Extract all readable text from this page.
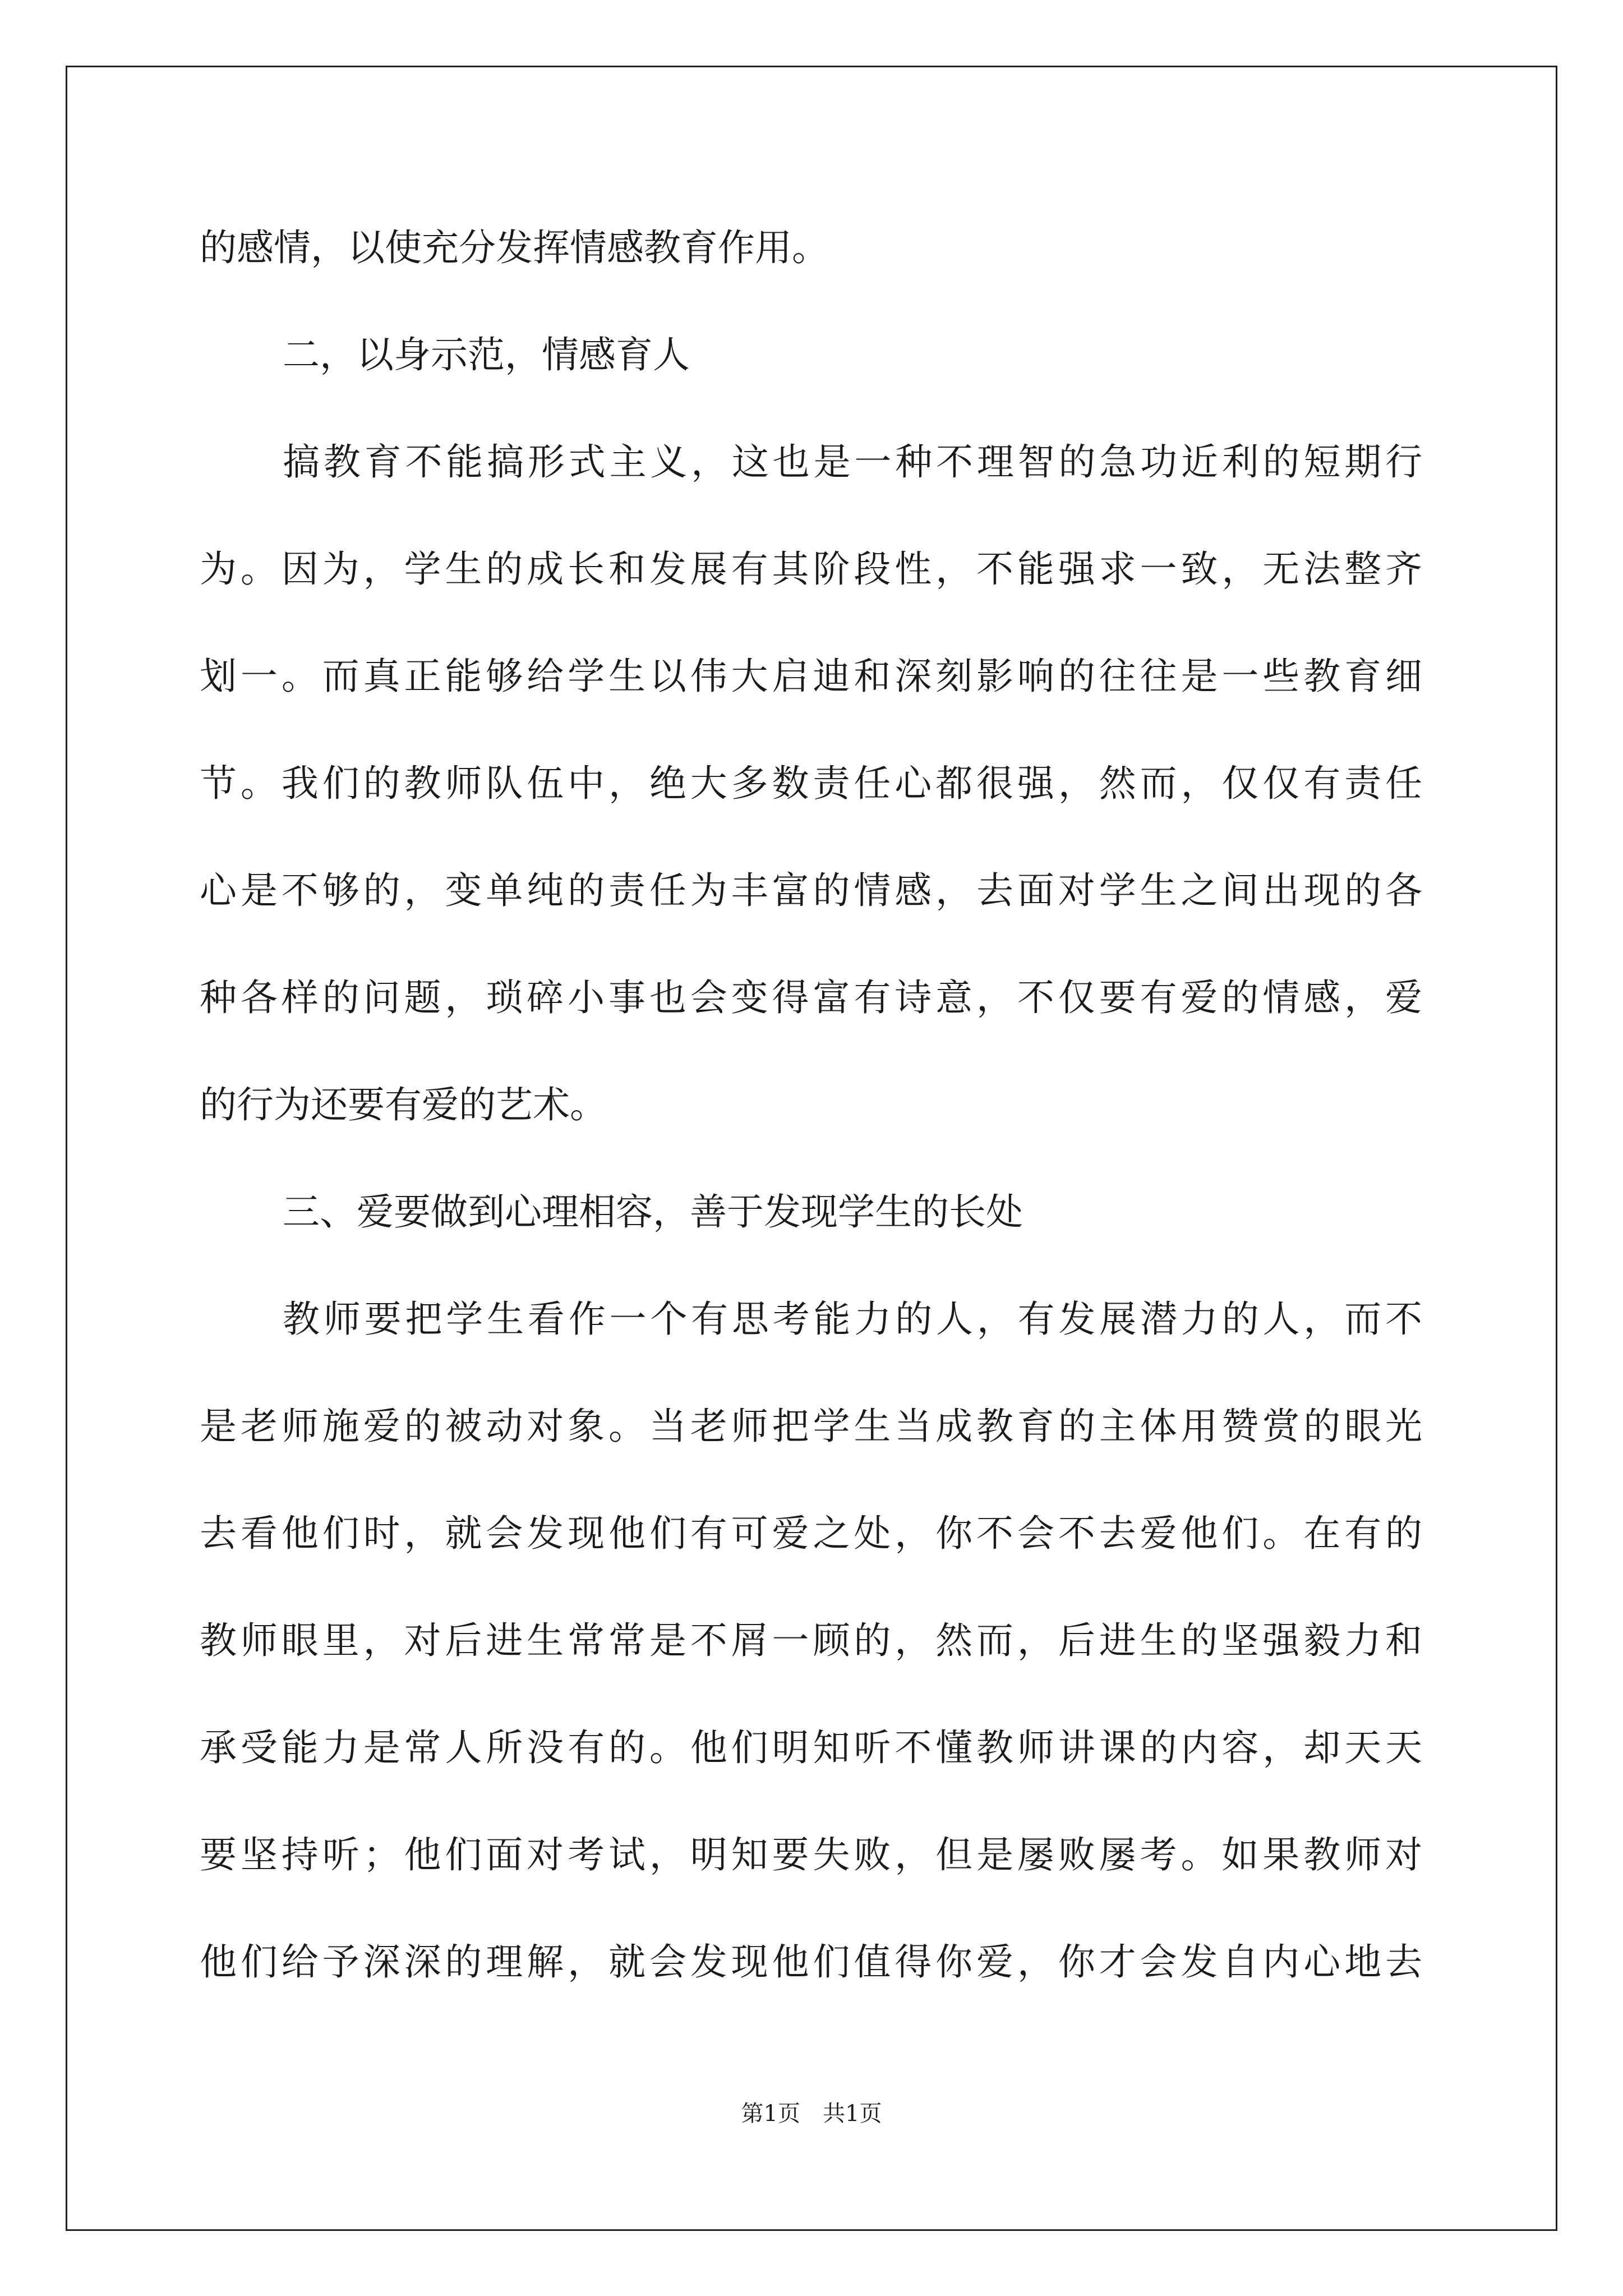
的感情，以使充分发挥情感教育作用。
二，以身示范，情感育人
搞教育不能搞形式主义，这也是一种不理智的急功近利的短期行
为。因为，学生的成长和发展有其阶段性，不能强求一致，无法整齐
划一。而真正能够给学生以伟大启迪和深刻影响的往往是一些教育细
节。我们的教师队伍中，绝大多数责任心都很强，然而，仅仅有责任
心是不够的，变单纯的责任为丰富的情感，去面对学生之间出现的各
种各样的问题，琐碎小事也会变得富有诗意，不仅要有爱的情感，爱
的行为还要有爱的艺术。
三、爱要做到心理相容，善于发现学生的长处
教师要把学生看作一个有思考能力的人，有发展潜力的人，而不
是老师施爱的被动对象。当老师把学生当成教育的主体用赞赏的眼光
去看他们时，就会发现他们有可爱之处，你不会不去爱他们。在有的
教师眼里，对后进生常常是不屑一顾的，然而，后进生的坚强毅力和
承受能力是常人所没有的。他们明知听不懂教师讲课的内容，却天天
要坚持听；他们面对考试，明知要失败，但是屡败屡考。如果教师对
他们给予深深的理解，就会发现他们值得你爱，你才会发自内心地去
第1页　共1页
